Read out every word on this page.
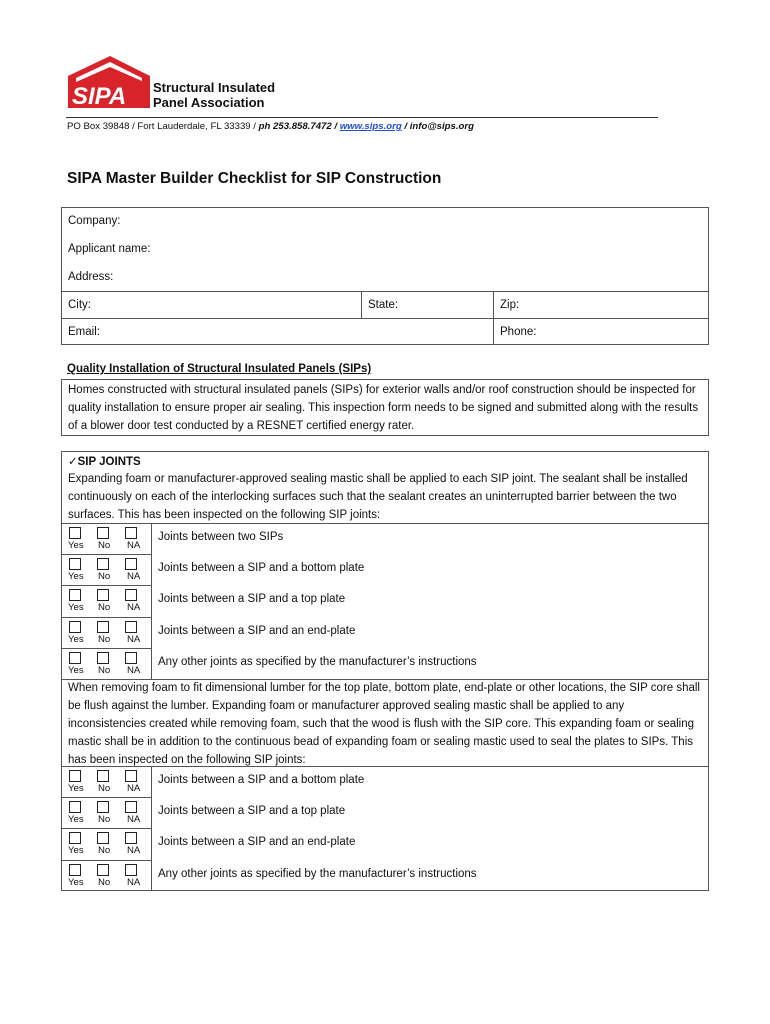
SIPA Structural Insulated
Panel Association
PO Box 39848 / Fort Lauderdale, FL 33339 / ph 253.858.7472 / www.sips.org / info@sips.org
SIPA Master Builder Checklist for SIP Construction
Company:
Applicant name:
Address:
City:	State:	Zip:
Email:	Phone:
Quality Installation of Structural Insulated Panels (SIPs)
Homes constructed with structural insulated panels (SIPs) for exterior walls and/or roof construction should be inspected for quality installation to ensure proper air sealing. This inspection form needs to be signed and submitted along with the results of a blower door test conducted by a RESNET certified energy rater.
✓SIP JOINTS
Expanding foam or manufacturer-approved sealing mastic shall be applied to each SIP joint. The sealant shall be installed continuously on each of the interlocking surfaces such that the sealant creates an uninterrupted barrier between the two surfaces. This has been inspected on the following SIP joints:
Yes No NA
Joints between two SIPs
Yes No NA
Joints between a SIP and a bottom plate
Yes No NA
Joints between a SIP and a top plate
Yes No NA
Joints between a SIP and an end-plate
Yes No NA
Any other joints as specified by the manufacturer’s instructions
When removing foam to fit dimensional lumber for the top plate, bottom plate, end-plate or other locations, the SIP core shall be flush against the lumber. Expanding foam or manufacturer approved sealing mastic shall be applied to any inconsistencies created while removing foam, such that the wood is flush with the SIP core. This expanding foam or sealing mastic shall be in addition to the continuous bead of expanding foam or sealing mastic used to seal the plates to SIPs. This has been inspected on the following SIP joints:
Yes No NA
Joints between a SIP and a bottom plate
Yes No NA
Joints between a SIP and a top plate
Yes No NA
Joints between a SIP and an end-plate
Yes No NA
Any other joints as specified by the manufacturer’s instructions
